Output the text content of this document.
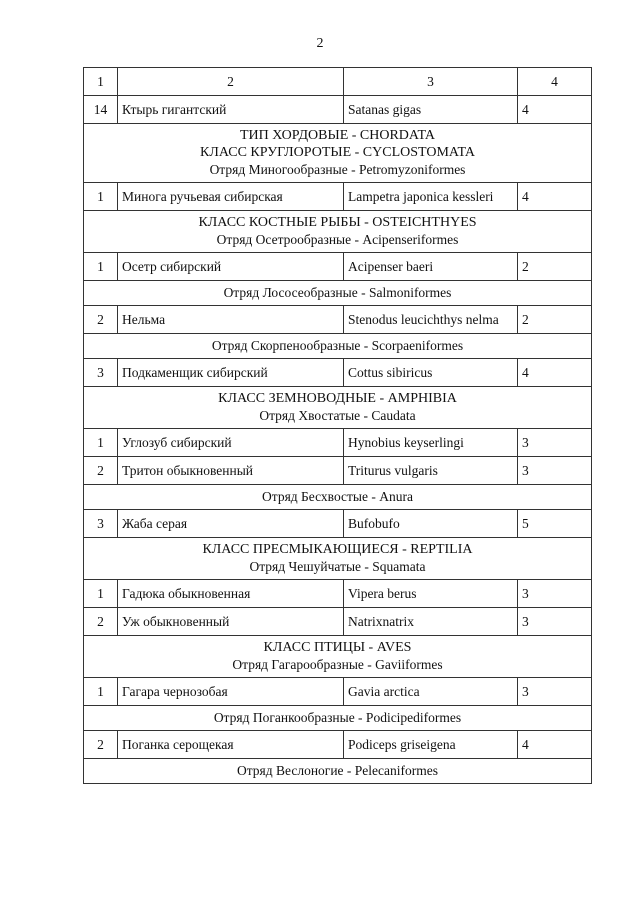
2
1	2	3	4
14	Ктырь гигантский	Satanas gigas	4

ТИП ХОРДОВЫЕ - CHORDATA
КЛАСС КРУГЛОРОТЫЕ - CYCLOSTOMATA
Отряд Миногообразные - Petromyzoniformes			

1	Минога ручьевая сибирская	Lampetra japonica kessleri	4

КЛАСС КОСТНЫЕ РЫБЫ - OSTEICHTHYES
Отряд Осетрообразные - Acipenseriformes			

1	Осетр сибирский	Acipenser baeri	2

Отряд Лососеобразные - Salmoniformes			

2	Нельма	Stenodus leucichthys nelma	2

Отряд Скорпенообразные - Scorpaeniformes			

3	Подкаменщик сибирский	Cottus sibiricus	4

КЛАСС ЗЕМНОВОДНЫЕ - AMPHIBIA
Отряд Хвостатые - Caudata			

1	Углозуб сибирский	Hynobius keyserlingi	3
2	Тритон обыкновенный	Triturus vulgaris	3

Отряд Бесхвостые - Anura			

3	Жаба серая	Bufobufo	5

КЛАСС ПРЕСМЫКАЮЩИЕСЯ - REPTILIA
Отряд Чешуйчатые - Squamata			

1	Гадюка обыкновенная	Vipera berus	3
2	Уж обыкновенный	Natrixnatrix	3

КЛАСС ПТИЦЫ - AVES
Отряд Гагарообразные - Gaviiformes			

1	Гагара чернозобая	Gavia arctica	3

Отряд Поганкообразные - Podicipediformes			

2	Поганка серощекая	Podiceps griseigena	4

Отряд Веслоногие - Pelecaniformes			
